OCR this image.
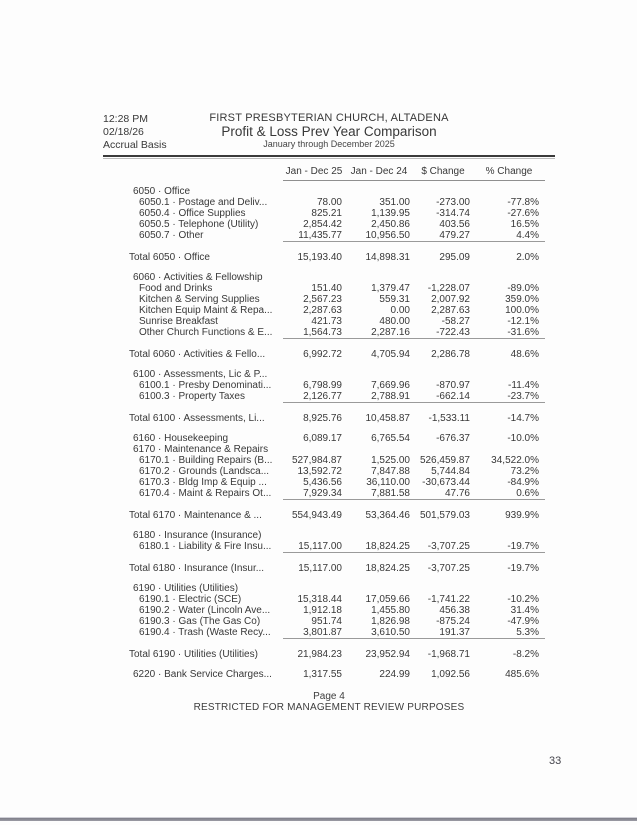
12:28 PM
02/18/26
Accrual Basis
FIRST PRESBYTERIAN CHURCH, ALTADENA
Profit & Loss Prev Year Comparison
January through December 2025
Jan - Dec 25 Jan - Dec 24	$ Change	% Change
6050 · Office
6050.1 · Postage and Deliv...	78.00	351.00	-273.00	-77.8%
6050.4 · Office Supplies	825.21	1,139.95	-314.74	-27.6%
6050.5 · Telephone (Utility)	2,854.42	2,450.86	403.56	16.5%
6050.7 · Other	11,435.77	10,956.50	479.27	4.4%
Total 6050 · Office	15,193.40	14,898.31	295.09	2.0%
6060 · Activities & Fellowship
Food and Drinks	151.40	1,379.47	-1,228.07	-89.0%
Kitchen & Serving Supplies	2,567.23	559.31	2,007.92	359.0%
Kitchen Equip Maint & Repa...	2,287.63	0.00	2,287.63	100.0%
Sunrise Breakfast	421.73	480.00	-58.27	-12.1%
Other Church Functions & E...	1,564.73	2,287.16	-722.43	-31.6%
Total 6060 · Activities & Fello...	6,992.72	4,705.94	2,286.78	48.6%
6100 · Assessments, Lic & P...
6100.1 · Presby Denominati...	6,798.99	7,669.96	-870.97	-11.4%
6100.3 · Property Taxes	2,126.77	2,788.91	-662.14	-23.7%
Total 6100 · Assessments, Li...	8,925.76	10,458.87	-1,533.11	-14.7%
6160 · Housekeeping	6,089.17	6,765.54	-676.37	-10.0%
6170 · Maintenance & Repairs
6170.1 · Building Repairs (B...	527,984.87	1,525.00 526,459.87	34,522.0%
6170.2 · Grounds (Landsca...	13,592.72	7,847.88	5,744.84	73.2%
6170.3 · Bldg Imp & Equip ...	5,436.56	36,110.00	-30,673.44	-84.9%
6170.4 · Maint & Repairs Ot...	7,929.34	7,881.58	47.76	0.6%
Total 6170 · Maintenance & ...	554,943.49	53,364.46 501,579.03	939.9%
6180 · Insurance (Insurance)
6180.1 · Liability & Fire Insu...	15,117.00	18,824.25	-3,707.25	-19.7%
Total 6180 · Insurance (Insur...	15,117.00	18,824.25	-3,707.25	-19.7%
6190 · Utilities (Utilities)
6190.1 · Electric (SCE)	15,318.44	17,059.66	-1,741.22	-10.2%
6190.2 · Water (Lincoln Ave...	1,912.18	1,455.80	456.38	31.4%
6190.3 · Gas (The Gas Co)	951.74	1,826.98	-875.24	-47.9%
6190.4 · Trash (Waste Recy...	3,801.87	3,610.50	191.37	5.3%
Total 6190 · Utilities (Utilities)	21,984.23	23,952.94	-1,968.71	-8.2%
6220 · Bank Service Charges...	1,317.55	224.99	1,092.56	485.6%
Page 4
RESTRICTED FOR MANAGEMENT REVIEW PURPOSES
33
